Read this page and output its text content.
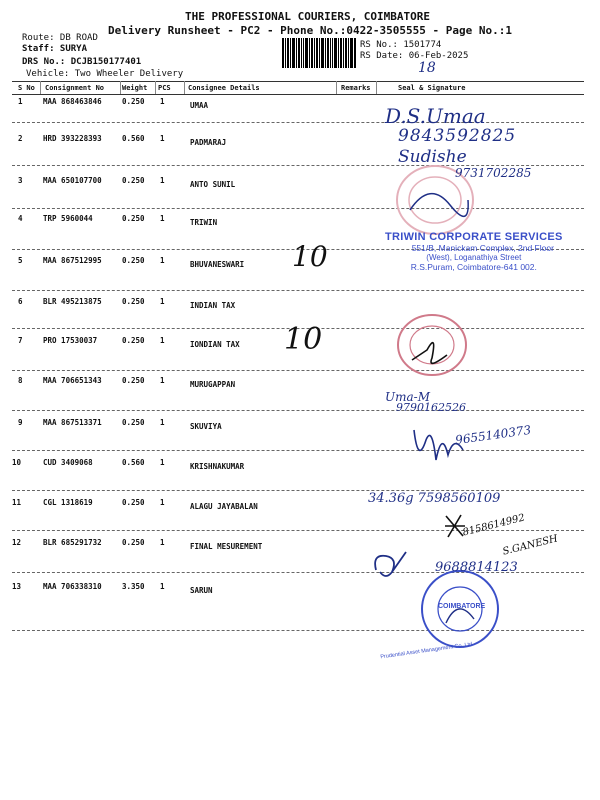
THE PROFESSIONAL COURIERS, COIMBATORE
Delivery Runsheet - PC2 - Phone No.:0422-3505555 - Page No.:1
Route: DB ROAD
Staff: SURYA
DRS No.: DCJB150177401
Vehicle: Two Wheeler Delivery
RS No.: 1501774
RS Date: 06-Feb-2025
18
S No Consignment No	Weight PCS Consignee Details	Remarks	Seal & Signature
1	MAA 868463846	0.250 1	UMAA
2	HRD 393228393	0.560 1	PADMARAJ
3	MAA 650107700	0.250 1	ANTO SUNIL
4	TRP 5960044	0.250 1	TRIWIN
5	MAA 867512995	0.250 1	BHUVANESWARI
6	BLR 495213875	0.250 1	INDIAN TAX
7	PRO 17530037	0.250 1	IONDIAN TAX
8	MAA 706651343	0.250 1	MURUGAPPAN
9	MAA 867513371	0.250 1	SKUVIYA
10	CUD 3409068	0.560 1	KRISHNAKUMAR
11	CGL 1318619	0.250 1	ALAGU JAYABALAN
12	BLR 685291732	0.250 1	FINAL MESUREMENT
13	MAA 706338310	3.350 1	SARUN
TRIWIN CORPORATE SERVICES
551/B, Manickam Complex, 2nd Floor
(West), Loganathiya Street
R.S.Puram, Coimbatore-641 002.
COIMBATORE
Prudential Asset Management Co. Ltd
D.S.Umaa
9843592825
Sudishe
9731702285
10
10
Uma-M
9790162526
9655140373
34.36g 7598560109
8158614992
S.GANESH
9688814123
